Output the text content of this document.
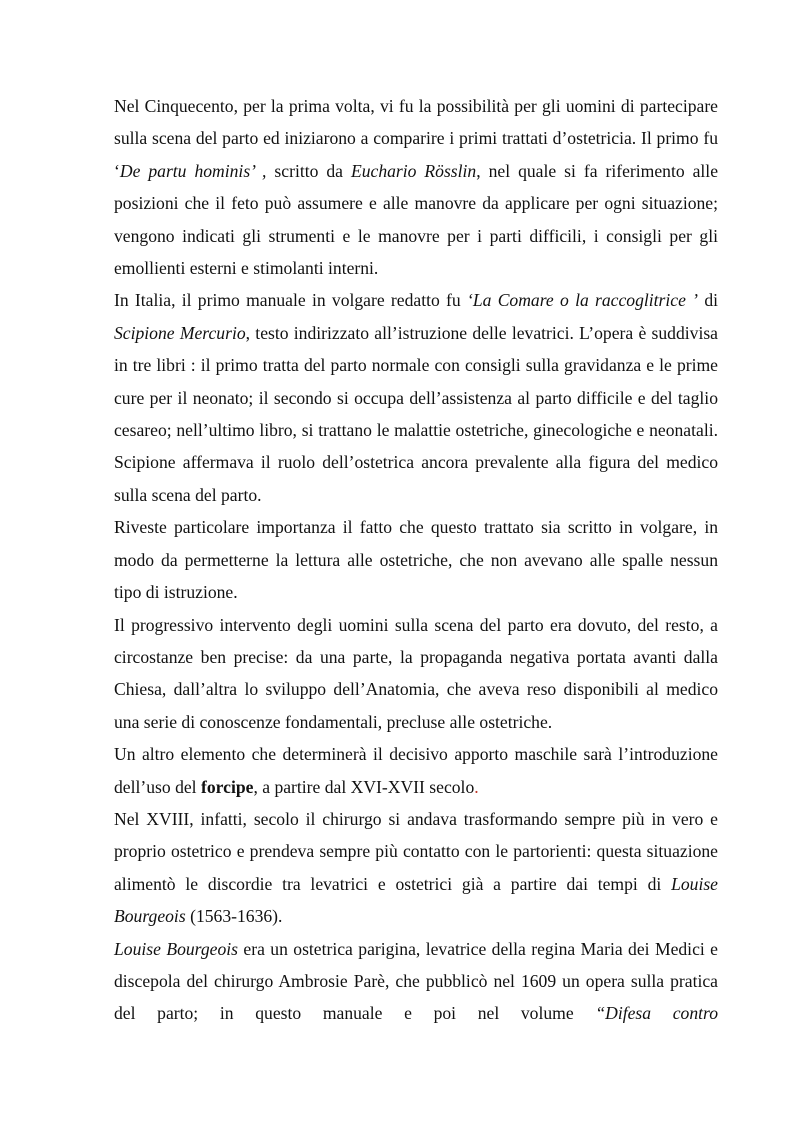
Nel Cinquecento, per la prima volta, vi fu la possibilità per gli uomini di partecipare sulla scena del parto ed iniziarono a comparire i primi trattati d’ostetricia. Il primo fu ‘De partu hominis’ , scritto da Euchario Rösslin, nel quale si fa riferimento alle posizioni che il feto può assumere e alle manovre da applicare per ogni situazione; vengono indicati gli strumenti e le manovre per i parti difficili, i consigli per gli emollienti esterni e stimolanti interni.

In Italia, il primo manuale in volgare redatto fu ‘La Comare o la raccoglitrice ’ di Scipione Mercurio, testo indirizzato all’istruzione delle levatrici. L’opera è suddivisa in tre libri : il primo tratta del parto normale con consigli sulla gravidanza e le prime cure per il neonato; il secondo si occupa dell’assistenza al parto difficile e del taglio cesareo; nell’ultimo libro, si trattano le malattie ostetriche, ginecologiche e neonatali. Scipione affermava il ruolo dell’ostetrica ancora prevalente alla figura del medico sulla scena del parto.

Riveste particolare importanza il fatto che questo trattato sia scritto in volgare, in modo da permetterne la lettura alle ostetriche, che non avevano alle spalle nessun tipo di istruzione.

Il progressivo intervento degli uomini sulla scena del parto era dovuto, del resto, a circostanze ben precise: da una parte, la propaganda negativa portata avanti dalla Chiesa, dall’altra lo sviluppo dell’Anatomia, che aveva reso disponibili al medico una serie di conoscenze fondamentali, precluse alle ostetriche.

Un altro elemento che determinerà il decisivo apporto maschile sarà l’introduzione dell’uso del forcipe, a partire dal XVI-XVII secolo.

Nel XVIII, infatti, secolo il chirurgo si andava trasformando sempre più in vero e proprio ostetrico e prendeva sempre più contatto con le partorienti: questa situazione alimentò le discordie tra levatrici e ostetrici già a partire dai tempi di Louise Bourgeois (1563-1636).

Louise Bourgeois era un ostetrica parigina, levatrice della regina Maria dei Medici e discepola del chirurgo Ambrosie Parè, che pubblicò nel 1609 un opera sulla pratica del parto; in questo manuale e poi nel volume “Difesa contro
